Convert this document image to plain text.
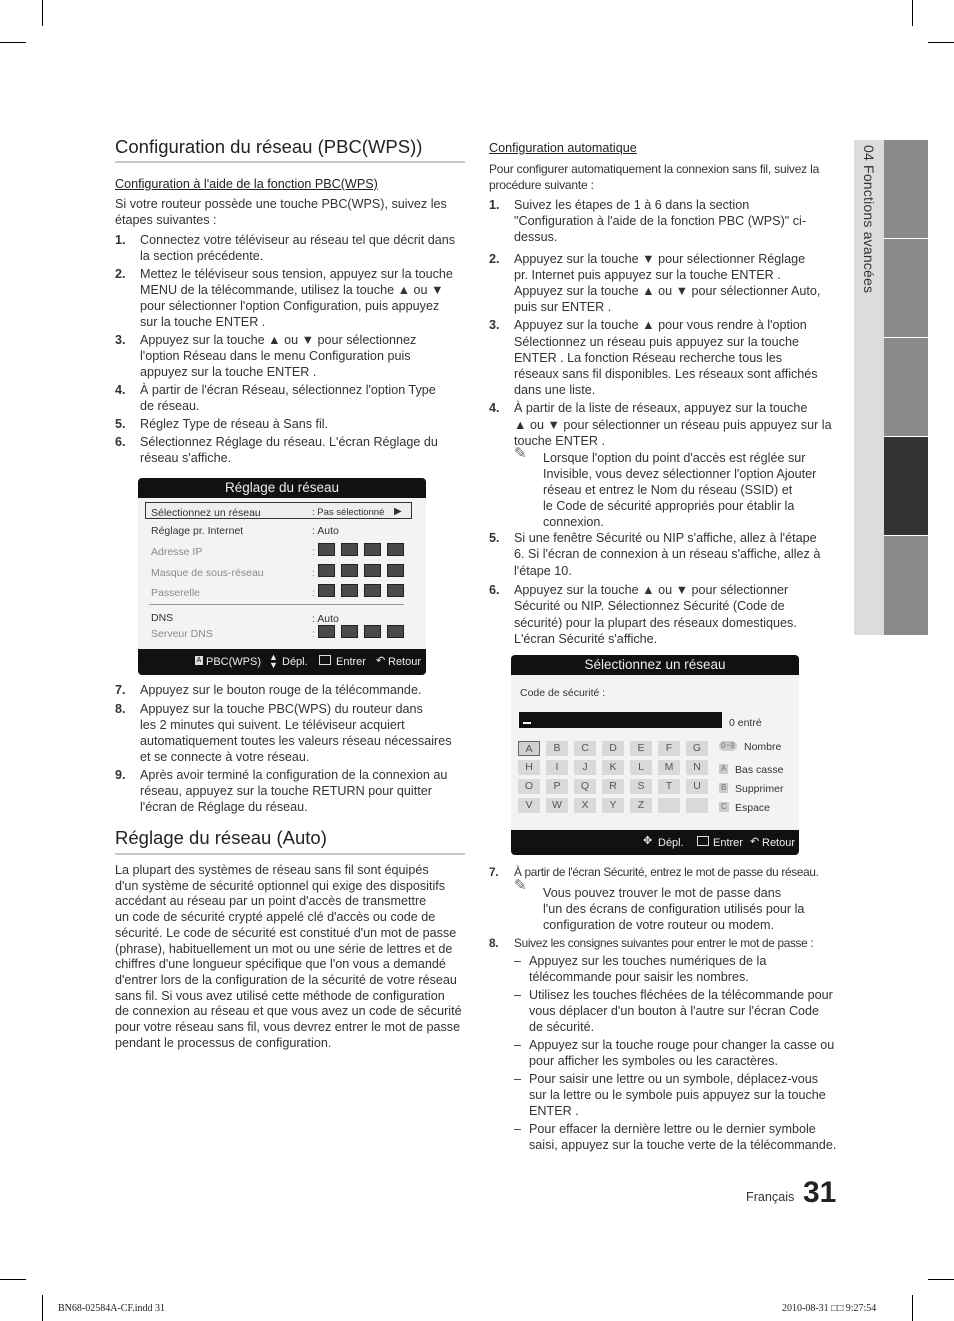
04 Fonctions avancées
Configuration du réseau (PBC(WPS))
Configuration à l'aide de la fonction PBC(WPS)
Si votre routeur possède une touche PBC(WPS), suivez les étapes suivantes :
1. Connectez votre téléviseur au réseau tel que décrit dans
la section précédente.
2. Mettez le téléviseur sous tension, appuyez sur la touche
MENU de la télécommande, utilisez la touche ▲ ou ▼
pour sélectionner l'option Configuration, puis appuyez
sur la touche ENTER .
3. Appuyez sur la touche ▲ ou ▼ pour sélectionnez
l'option Réseau dans le menu Configuration puis
appuyez sur la touche ENTER .
4. À partir de l'écran Réseau, sélectionnez l'option Type
de réseau.
5. Réglez Type de réseau à Sans fil.
6. Sélectionnez Réglage du réseau. L'écran Réglage du
réseau s'affiche.
Réglage du réseau
Sélectionnez un réseau	: Pas sélectionné ▶
Réglage pr. Internet	: Auto
Adresse IP	:
Masque de sous-réseau	:
Passerelle	:
DNS	: Auto
Serveur DNS	:
A PBC(WPS) ▲
▼ Dépl.	Entrer ↶ Retour
7. Appuyez sur le bouton rouge de la télécommande.
8. Appuyez sur la touche PBC(WPS) du routeur dans
les 2 minutes qui suivent. Le téléviseur acquiert
automatiquement toutes les valeurs réseau nécessaires
et se connecte à votre réseau.
9. Après avoir terminé la configuration de la connexion au
réseau, appuyez sur la touche RETURN pour quitter
l'écran de Réglage du réseau.
Réglage du réseau (Auto)
La plupart des systèmes de réseau sans fil sont équipés
d'un système de sécurité optionnel qui exige des dispositifs
accédant au réseau par un point d'accès de transmettre
un code de sécurité crypté appelé clé d'accès ou code de
sécurité. Le code de sécurité est constitué d'un mot de passe
(phrase), habituellement un mot ou une série de lettres et de
chiffres d'une longueur spécifique que l'on vous a demandé
d'entrer lors de la configuration de la sécurité de votre réseau
sans fil. Si vous avez utilisé cette méthode de configuration
de connexion au réseau et que vous avez un code de sécurité
pour votre réseau sans fil, vous devrez entrer le mot de passe
pendant le processus de configuration.
Configuration automatique
Pour configurer automatiquement la connexion sans fil, suivez la
procédure suivante :
1. Suivez les étapes de 1 à 6 dans la section
"Configuration à l'aide de la fonction PBC (WPS)" ci-
dessus.
2. Appuyez sur la touche ▼ pour sélectionner Réglage
pr. Internet puis appuyez sur la touche ENTER .
Appuyez sur la touche ▲ ou ▼ pour sélectionner Auto,
puis sur ENTER .
3. Appuyez sur la touche ▲ pour vous rendre à l'option
Sélectionnez un réseau puis appuyez sur la touche
ENTER . La fonction Réseau recherche tous les
réseaux sans fil disponibles. Les réseaux sont affichés
dans une liste.
4. À partir de la liste de réseaux, appuyez sur la touche
▲ ou ▼ pour sélectionner un réseau puis appuyez sur la
touche ENTER .
✎ Lorsque l'option du point d'accès est réglée sur
Invisible, vous devez sélectionner l'option Ajouter
réseau et entrez le Nom du réseau (SSID) et
le Code de sécurité appropriés pour établir la
connexion.
5. Si une fenêtre Sécurité ou NIP s'affiche, allez à l'étape
6. Si l'écran de connexion à un réseau s'affiche, allez à
l'étape 10.
6. Appuyez sur la touche ▲ ou ▼ pour sélectionner
Sécurité ou NIP. Sélectionnez Sécurité (Code de
sécurité) pour la plupart des réseaux domestiques.
L'écran Sécurité s'affiche.
Sélectionnez un réseau
Code de sécurité :
0 entré
A	B	C	D	E	F	G
H	I	J	K	L	M	N
O	P	Q	R	S	T	U
V	W	X	Y	Z
0~9 Nombre
A Bas casse
B Supprimer
C Espace
✥ Dépl.	Entrer ↶ Retour
7. À partir de l'écran Sécurité, entrez le mot de passe du réseau.
✎ Vous pouvez trouver le mot de passe dans
l'un des écrans de configuration utilisés pour la
configuration de votre routeur ou modem.
8. Suivez les consignes suivantes pour entrer le mot de passe :
– Appuyez sur les touches numériques de la
télécommande pour saisir les nombres.
– Utilisez les touches fléchées de la télécommande pour
vous déplacer d'un bouton à l'autre sur l'écran Code
de sécurité.
– Appuyez sur la touche rouge pour changer la casse ou
pour afficher les symboles ou les caractères.
– Pour saisir une lettre ou un symbole, déplacez-vous
sur la lettre ou le symbole puis appuyez sur la touche
ENTER .
– Pour effacer la dernière lettre ou le dernier symbole
saisi, appuyez sur la touche verte de la télécommande.
Français 31
BN68-02584A-CF.indd 31	2010-08-31 □□ 9:27:54
